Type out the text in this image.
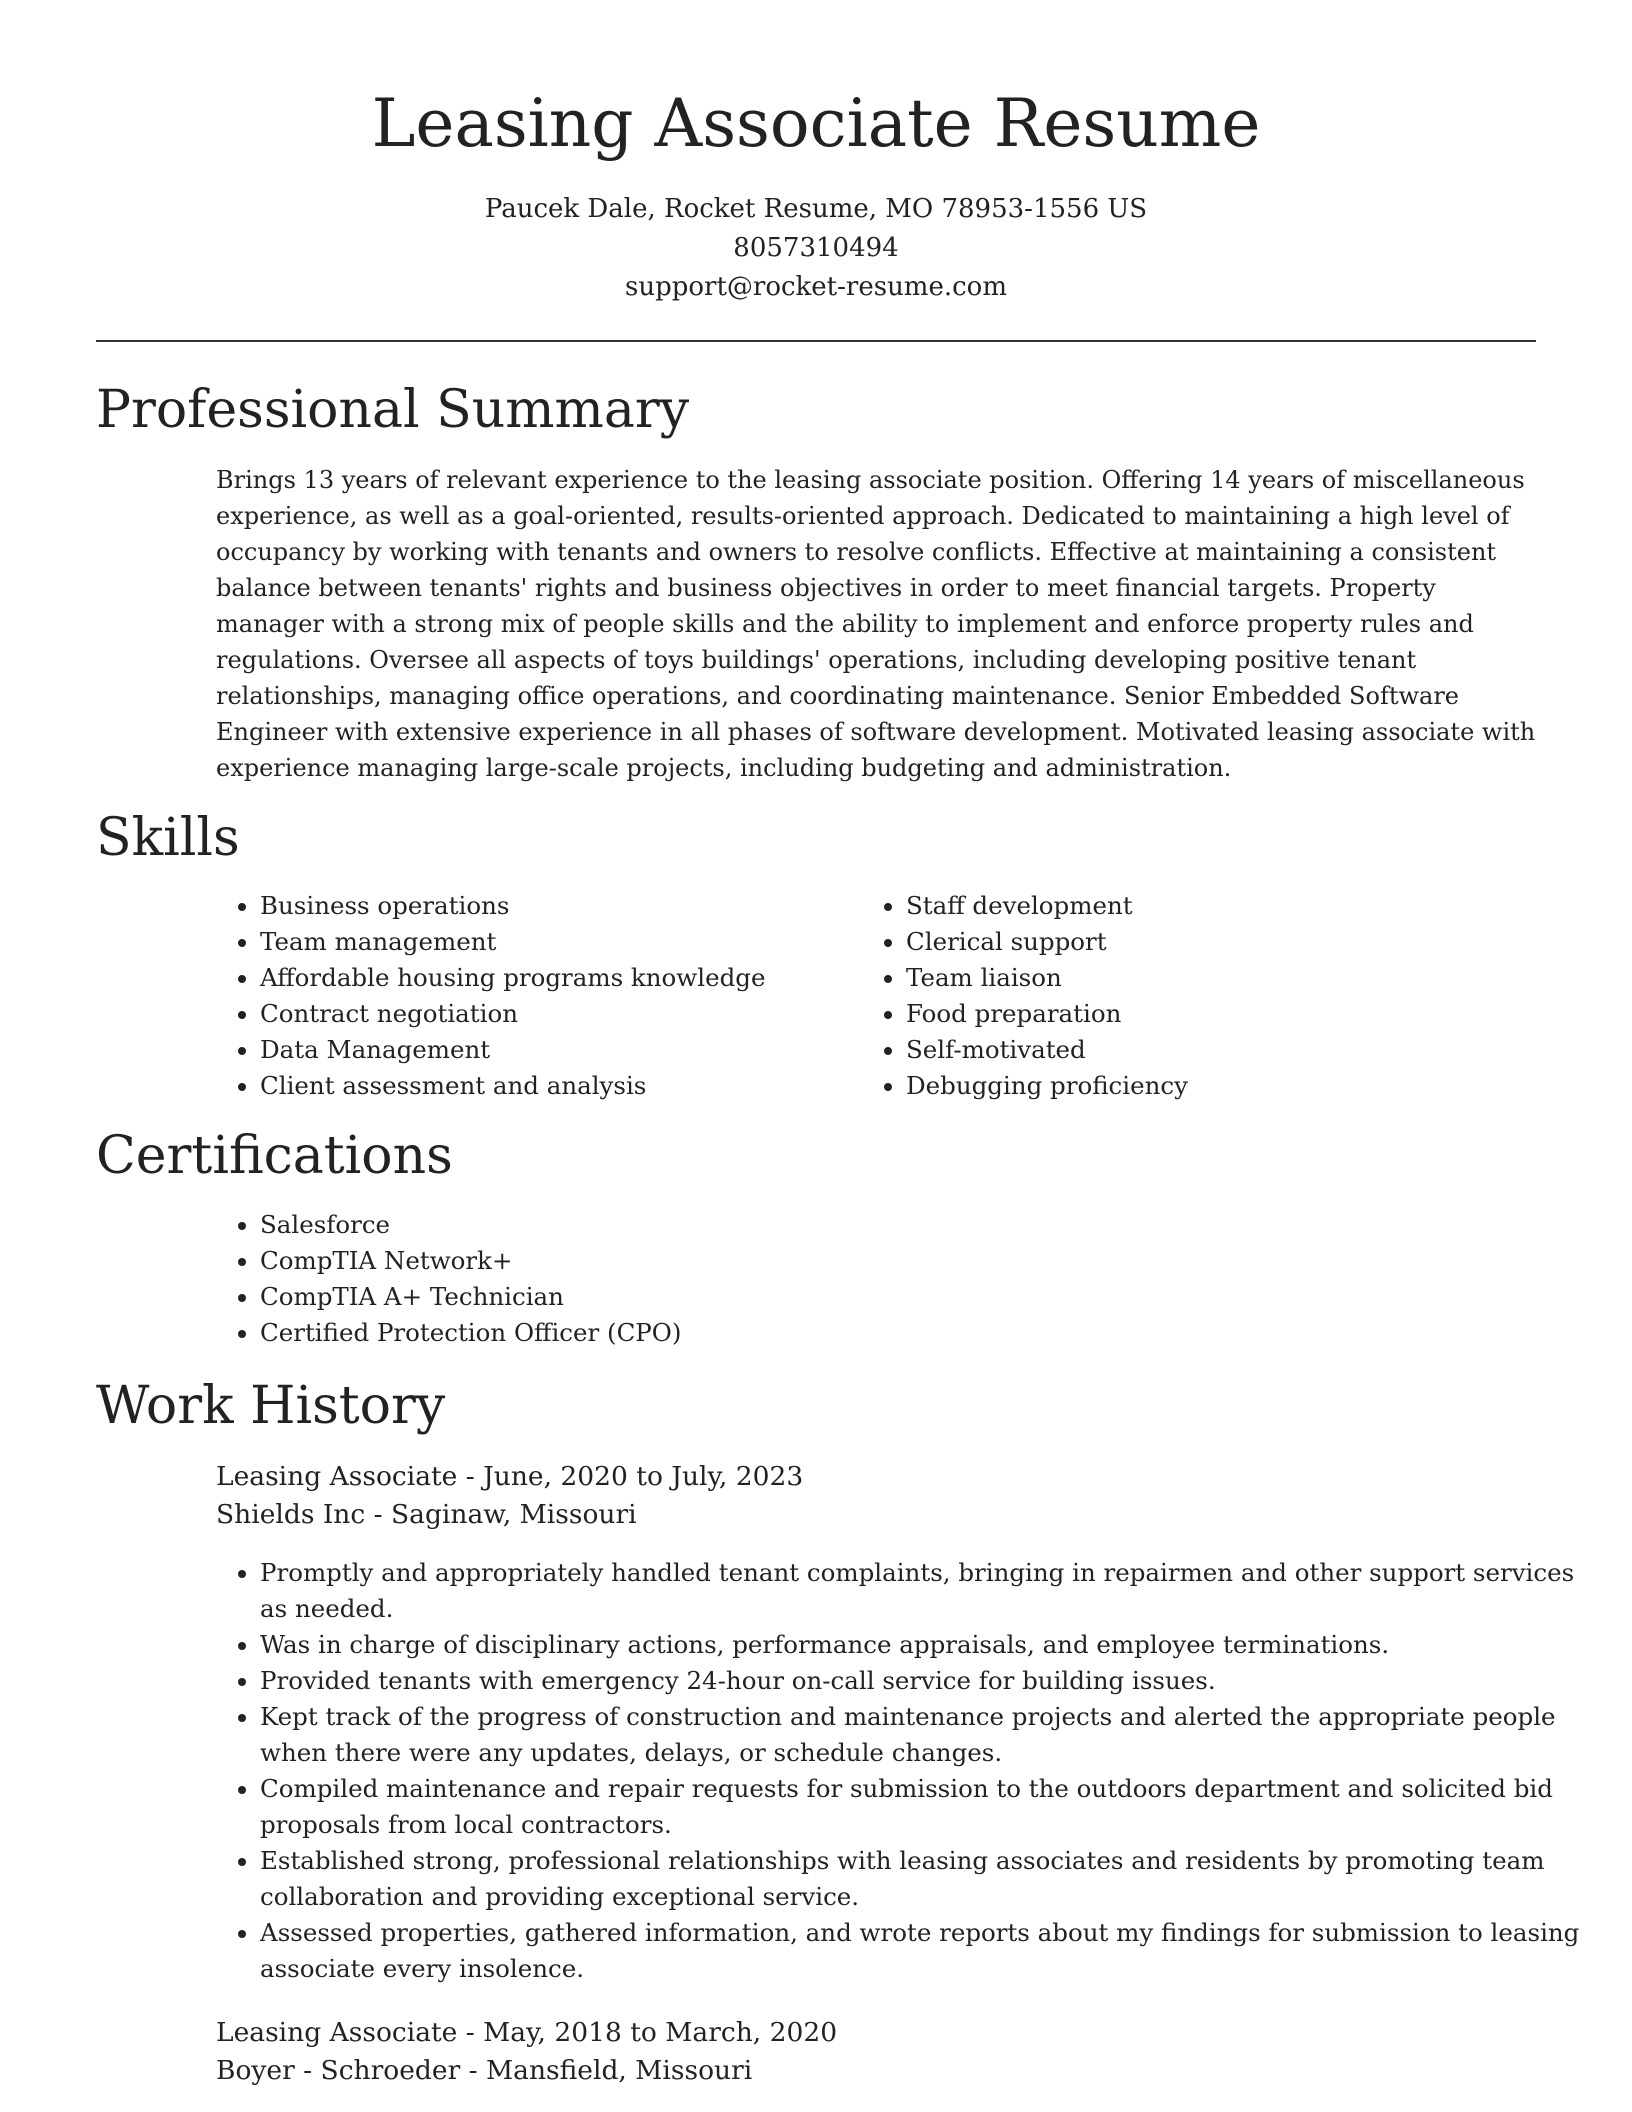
Leasing Associate Resume
Paucek Dale, Rocket Resume, MO 78953-1556 US
8057310494
support@rocket-resume.com
Professional Summary

Brings 13 years of relevant experience to the leasing associate position. Offering 14 years of miscellaneous experience, as well as a goal-oriented, results-oriented approach. Dedicated to maintaining a high level of occupancy by working with tenants and owners to resolve conflicts. Effective at maintaining a consistent balance between tenants' rights and business objectives in order to meet financial targets. Property manager with a strong mix of people skills and the ability to implement and enforce property rules and regulations. Oversee all aspects of toys buildings' operations, including developing positive tenant relationships, managing office operations, and coordinating maintenance. Senior Embedded Software Engineer with extensive experience in all phases of software development. Motivated leasing associate with experience managing large-scale projects, including budgeting and administration.

Skills
• Business operations
• Team management
• Affordable housing programs knowledge
• Contract negotiation
• Data Management
• Client assessment and analysis
• Staff development
• Clerical support
• Team liaison
• Food preparation
• Self-motivated
• Debugging proficiency
Certifications
• Salesforce
• CompTIA Network+
• CompTIA A+ Technician
• Certified Protection Officer (CPO)
Work History
Leasing Associate - June, 2020 to July, 2023
Shields Inc - Saginaw, Missouri
• Promptly and appropriately handled tenant complaints, bringing in repairmen and other support services as needed.
• Was in charge of disciplinary actions, performance appraisals, and employee terminations.
• Provided tenants with emergency 24-hour on-call service for building issues.
• Kept track of the progress of construction and maintenance projects and alerted the appropriate people when there were any updates, delays, or schedule changes.
• Compiled maintenance and repair requests for submission to the outdoors department and solicited bid proposals from local contractors.
• Established strong, professional relationships with leasing associates and residents by promoting team collaboration and providing exceptional service.
• Assessed properties, gathered information, and wrote reports about my findings for submission to leasing associate every insolence.
Leasing Associate - May, 2018 to March, 2020
Boyer - Schroeder - Mansfield, Missouri
